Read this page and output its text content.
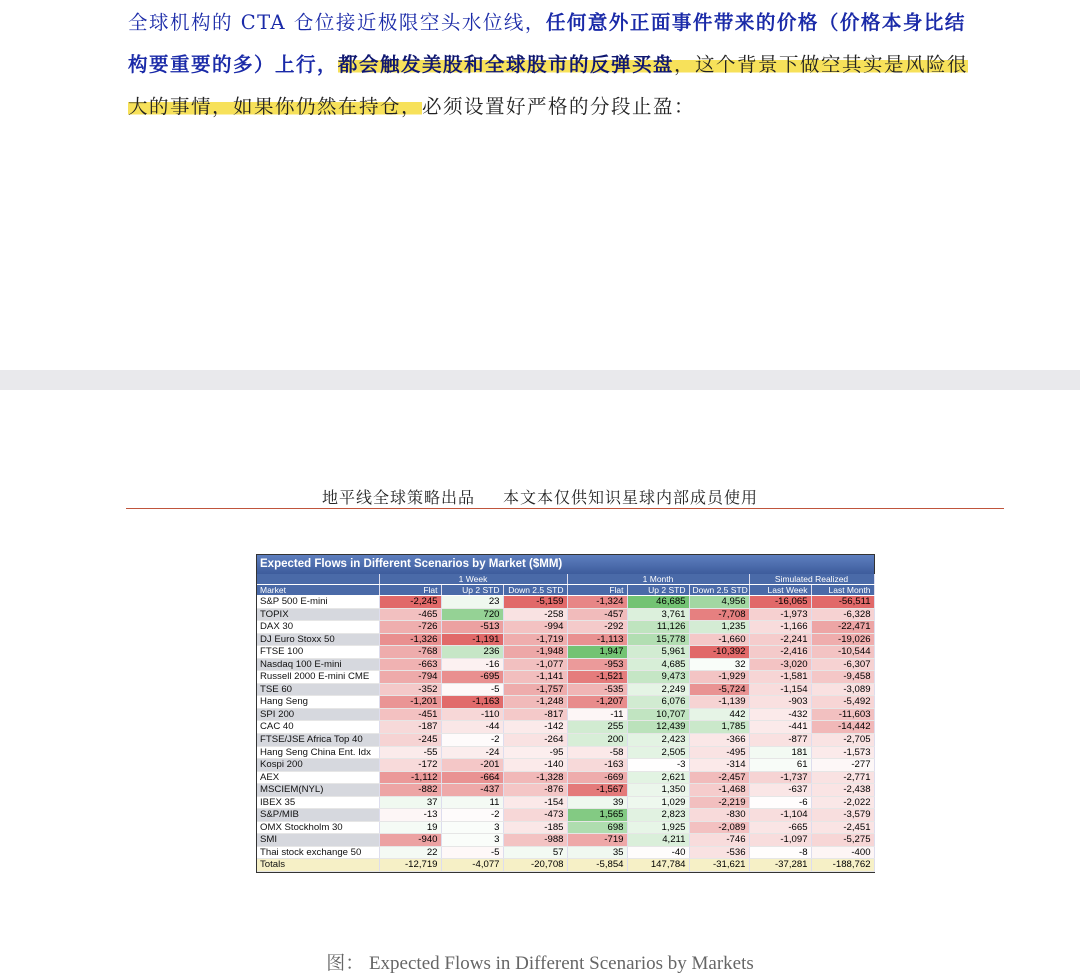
全球机构的 CTA 仓位接近极限空头水位线，任何意外正面事件带来的价格（价格本身比结
构要重要的多）上行，都会触发美股和全球股市的反弹买盘，这个背景下做空其实是风险很
大的事情，如果你仍然在持仓，必须设置好严格的分段止盈：
地平线全球策略出品 本文本仅供知识星球内部成员使用
Expected Flows in Different Scenarios by Market ($MM)
	1 Week			1 Month			Simulated Realized	
Market	Flat	Up 2 STD	Down 2.5 STD	Flat	Up 2 STD	Down 2.5 STD	Last Week	Last Month
S&P 500 E-mini	-2,245	23	-5,159	-1,324	46,685	4,956	-16,065	-56,511
TOPIX	-465	720	-258	-457	3,761	-7,708	-1,973	-6,328
DAX 30	-726	-513	-994	-292	11,126	1,235	-1,166	-22,471
DJ Euro Stoxx 50	-1,326	-1,191	-1,719	-1,113	15,778	-1,660	-2,241	-19,026
FTSE 100	-768	236	-1,948	1,947	5,961	-10,392	-2,416	-10,544
Nasdaq 100 E-mini	-663	-16	-1,077	-953	4,685	32	-3,020	-6,307
Russell 2000 E-mini CME	-794	-695	-1,141	-1,521	9,473	-1,929	-1,581	-9,458
TSE 60	-352	-5	-1,757	-535	2,249	-5,724	-1,154	-3,089
Hang Seng	-1,201	-1,163	-1,248	-1,207	6,076	-1,139	-903	-5,492
SPI 200	-451	-110	-817	-11	10,707	442	-432	-11,603
CAC 40	-187	-44	-142	255	12,439	1,785	-441	-14,442
FTSE/JSE Africa Top 40	-245	-2	-264	200	2,423	-366	-877	-2,705
Hang Seng China Ent. Idx	-55	-24	-95	-58	2,505	-495	181	-1,573
Kospi 200	-172	-201	-140	-163	-3	-314	61	-277
AEX	-1,112	-664	-1,328	-669	2,621	-2,457	-1,737	-2,771
MSCIEM(NYL)	-882	-437	-876	-1,567	1,350	-1,468	-637	-2,438
IBEX 35	37	11	-154	39	1,029	-2,219	-6	-2,022
S&P/MIB	-13	-2	-473	1,565	2,823	-830	-1,104	-3,579
OMX Stockholm 30	19	3	-185	698	1,925	-2,089	-665	-2,451
SMI	-940	3	-988	-719	4,211	-746	-1,097	-5,275
Thai stock exchange 50	22	-5	57	35	-40	-536	-8	-400
Totals	-12,719	-4,077	-20,708	-5,854	147,784	-31,621	-37,281	-188,762
图： Expected Flows in Different Scenarios by Markets
